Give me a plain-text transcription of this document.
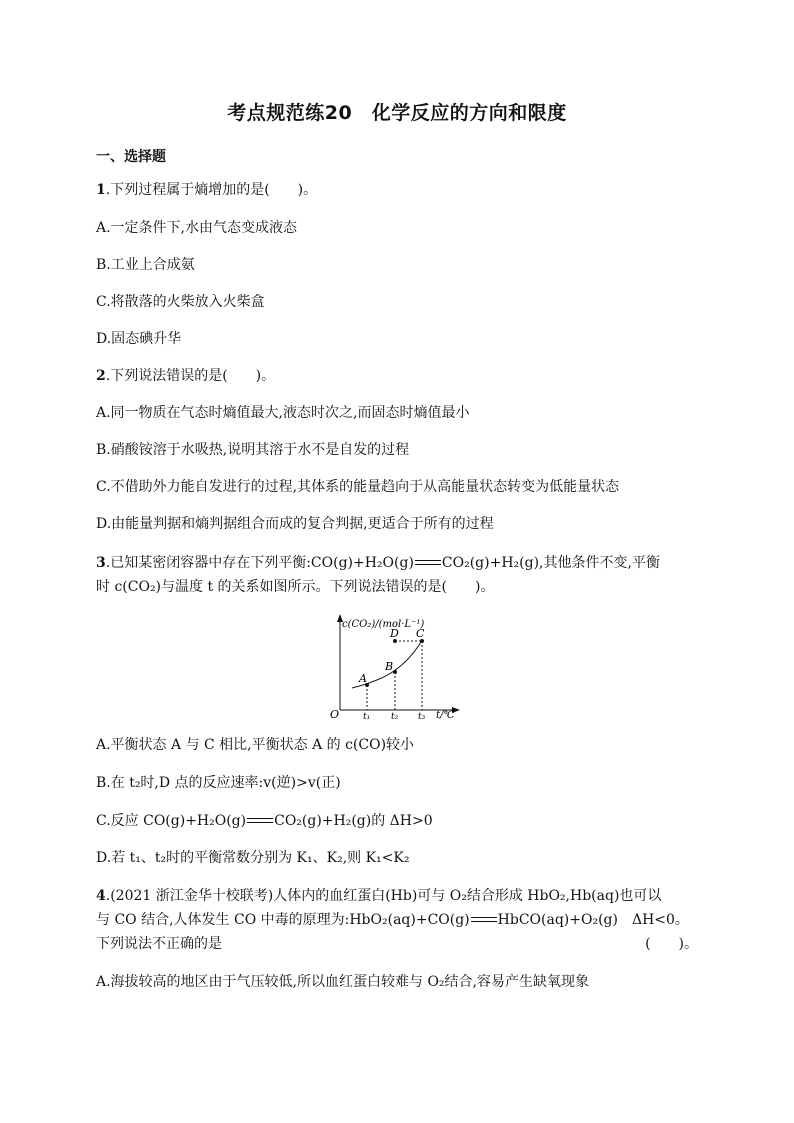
考点规范练20　化学反应的方向和限度
一、选择题
1.下列过程属于熵增加的是(　　)。
A.一定条件下,水由气态变成液态
B.工业上合成氨
C.将散落的火柴放入火柴盒
D.固态碘升华
2.下列说法错误的是(　　)。
A.同一物质在气态时熵值最大,液态时次之,而固态时熵值最小
B.硝酸铵溶于水吸热,说明其溶于水不是自发的过程
C.不借助外力能自发进行的过程,其体系的能量趋向于从高能量状态转变为低能量状态
D.由能量判据和熵判据组合而成的复合判据,更适合于所有的过程
3.已知某密闭容器中存在下列平衡:CO(g)+H₂O(g) CO₂(g)+H₂(g),其他条件不变,平衡
时 c(CO₂)与温度 t 的关系如图所示。下列说法错误的是(　　)。
c(CO₂)/(mol·L⁻¹)
t/℃
O
A
B
C
D
t₁ t₂ t₃
A.平衡状态 A 与 C 相比,平衡状态 A 的 c(CO)较小
B.在 t₂时,D 点的反应速率:v(逆)>v(正)
C.反应 CO(g)+H₂O(g) CO₂(g)+H₂(g)的 ΔH>0
D.若 t₁、t₂时的平衡常数分别为 K₁、K₂,则 K₁<K₂
4.(2021 浙江金华十校联考)人体内的血红蛋白(Hb)可与 O₂结合形成 HbO₂,Hb(aq)也可以
与 CO 结合,人体发生 CO 中毒的原理为:HbO₂(aq)+CO(g) HbCO(aq)+O₂(g)　ΔH<0。
下列说法不正确的是	(　　)。
A.海拔较高的地区由于气压较低,所以血红蛋白较难与 O₂结合,容易产生缺氧现象
